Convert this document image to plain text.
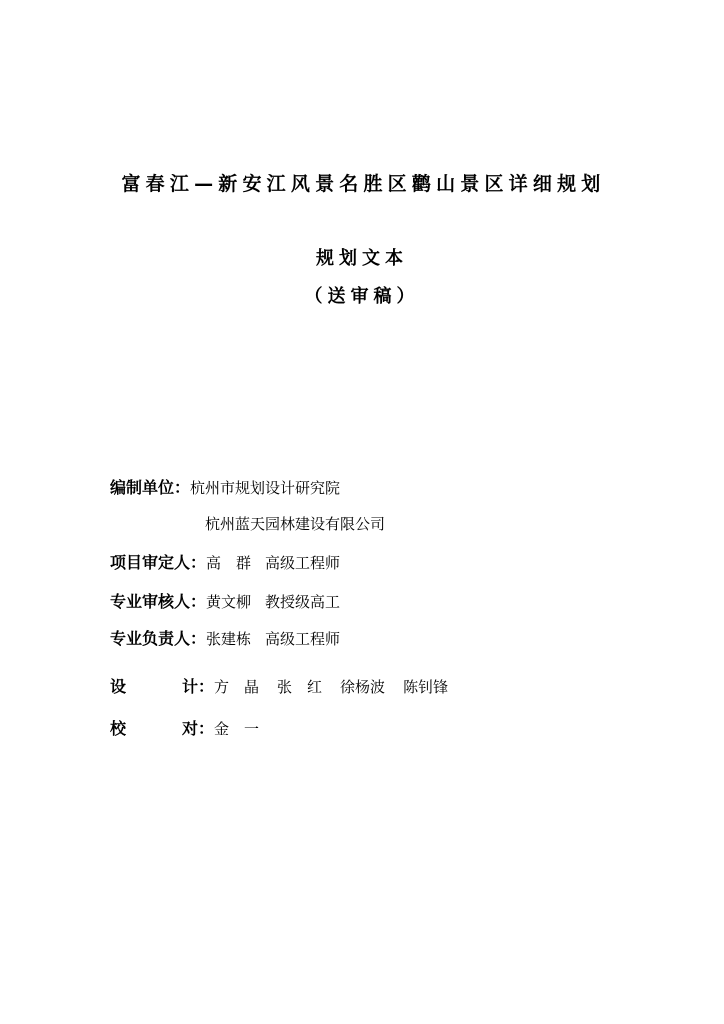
富春江—新安江风景名胜区鹳山景区详细规划
规划文本
（送审稿）
编制单位：杭州市规划设计研究院
杭州蓝天园林建设有限公司
项目审定人：高　群 高级工程师
专业审核人：黄文柳 教授级高工
专业负责人：张建栋 高级工程师
设	计：方　晶 张　红 徐杨波 陈钊锋
校	对：金　一
